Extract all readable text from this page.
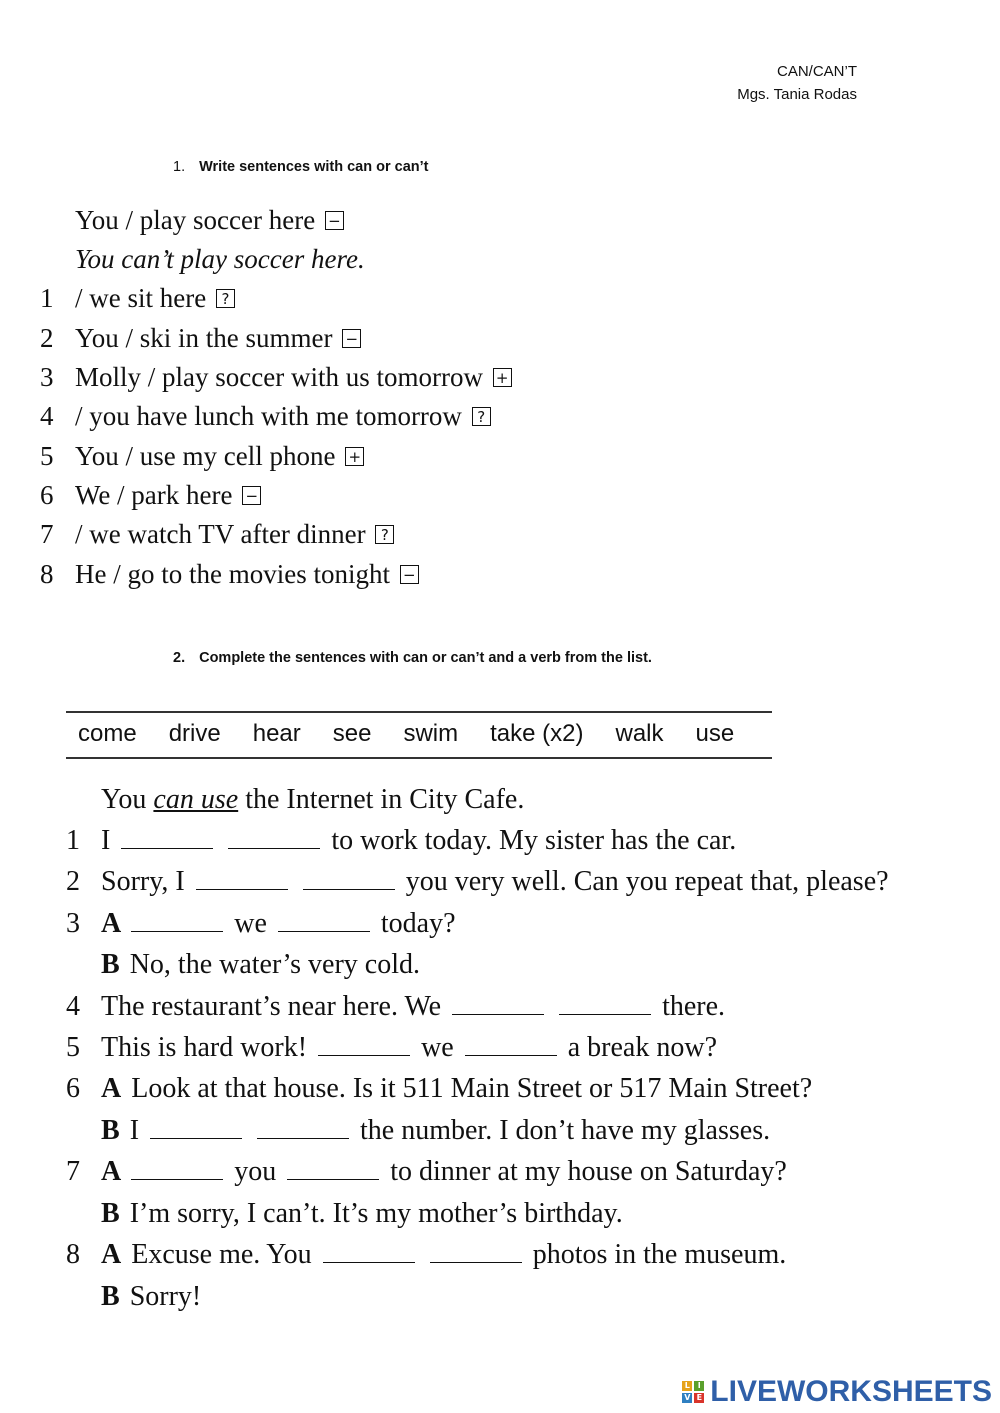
CAN/CAN’T
Mgs. Tania Rodas
1. Write sentences with can or can’t
You / play soccer here −
You can’t play soccer here.
1 / we sit here ?
2 You / ski in the summer −
3 Molly / play soccer with us tomorrow +
4 / you have lunch with me tomorrow ?
5 You / use my cell phone +
6 We / park here −
7 / we watch TV after dinner ?
8 He / go to the movies tonight −
2. Complete the sentences with can or can’t and a verb from the list.
come drive hear see swim take (x2) walk use
You can use the Internet in City Cafe.
1 I	to work today. My sister has the car.
2 Sorry, I	you very well. Can you repeat that, please?
3 A	we	today?
B No, the water’s very cold.
4 The restaurant’s near here. We	there.
5 This is hard work!	we	a break now?
6 A Look at that house. Is it 511 Main Street or 517 Main Street?
B I	the number. I don’t have my glasses.
7 A	you	to dinner at my house on Saturday?
B I’m sorry, I can’t. It’s my mother’s birthday.
8 A Excuse me. You	photos in the museum.
B Sorry!
L I
V E LIVEWORKSHEETS
